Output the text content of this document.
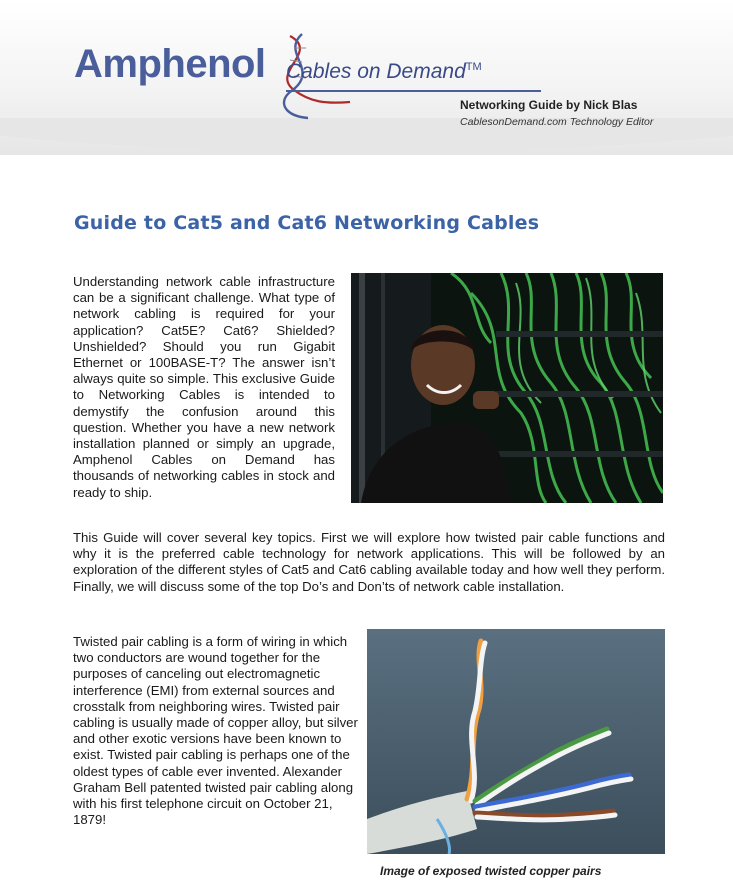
Amphenol Cables on Demand™
Networking Guide by Nick Blas
CablesonDemand.com Technology Editor
Guide to Cat5 and Cat6 Networking Cables
Understanding network cable infrastructure can be a significant challenge. What type of network cabling is required for your application? Cat5E? Cat6? Shielded? Unshielded? Should you run Gigabit Ethernet or 100BASE-T? The answer isn’t always quite so simple. This exclusive Guide to Networking Cables is intended to demystify the confusion around this question. Whether you have a new network installation planned or simply an upgrade, Amphenol Cables on Demand has thousands of networking cables in stock and ready to ship.
This Guide will cover several key topics. First we will explore how twisted pair cable functions and why it is the preferred cable technology for network applications. This will be followed by an exploration of the different styles of Cat5 and Cat6 cabling available today and how well they perform. Finally, we will discuss some of the top Do’s and Don’ts of network cable installation.
Twisted pair cabling is a form of wiring in which two conductors are wound together for the purposes of canceling out electromagnetic interference (EMI) from external sources and crosstalk from neighboring wires. Twisted pair cabling is usually made of copper alloy, but silver and other exotic versions have been known to exist. Twisted pair cabling is perhaps one of the oldest types of cable ever invented. Alexander Graham Bell patented twisted pair cabling along with his first telephone circuit on October 21, 1879!
Image of exposed twisted copper pairs
